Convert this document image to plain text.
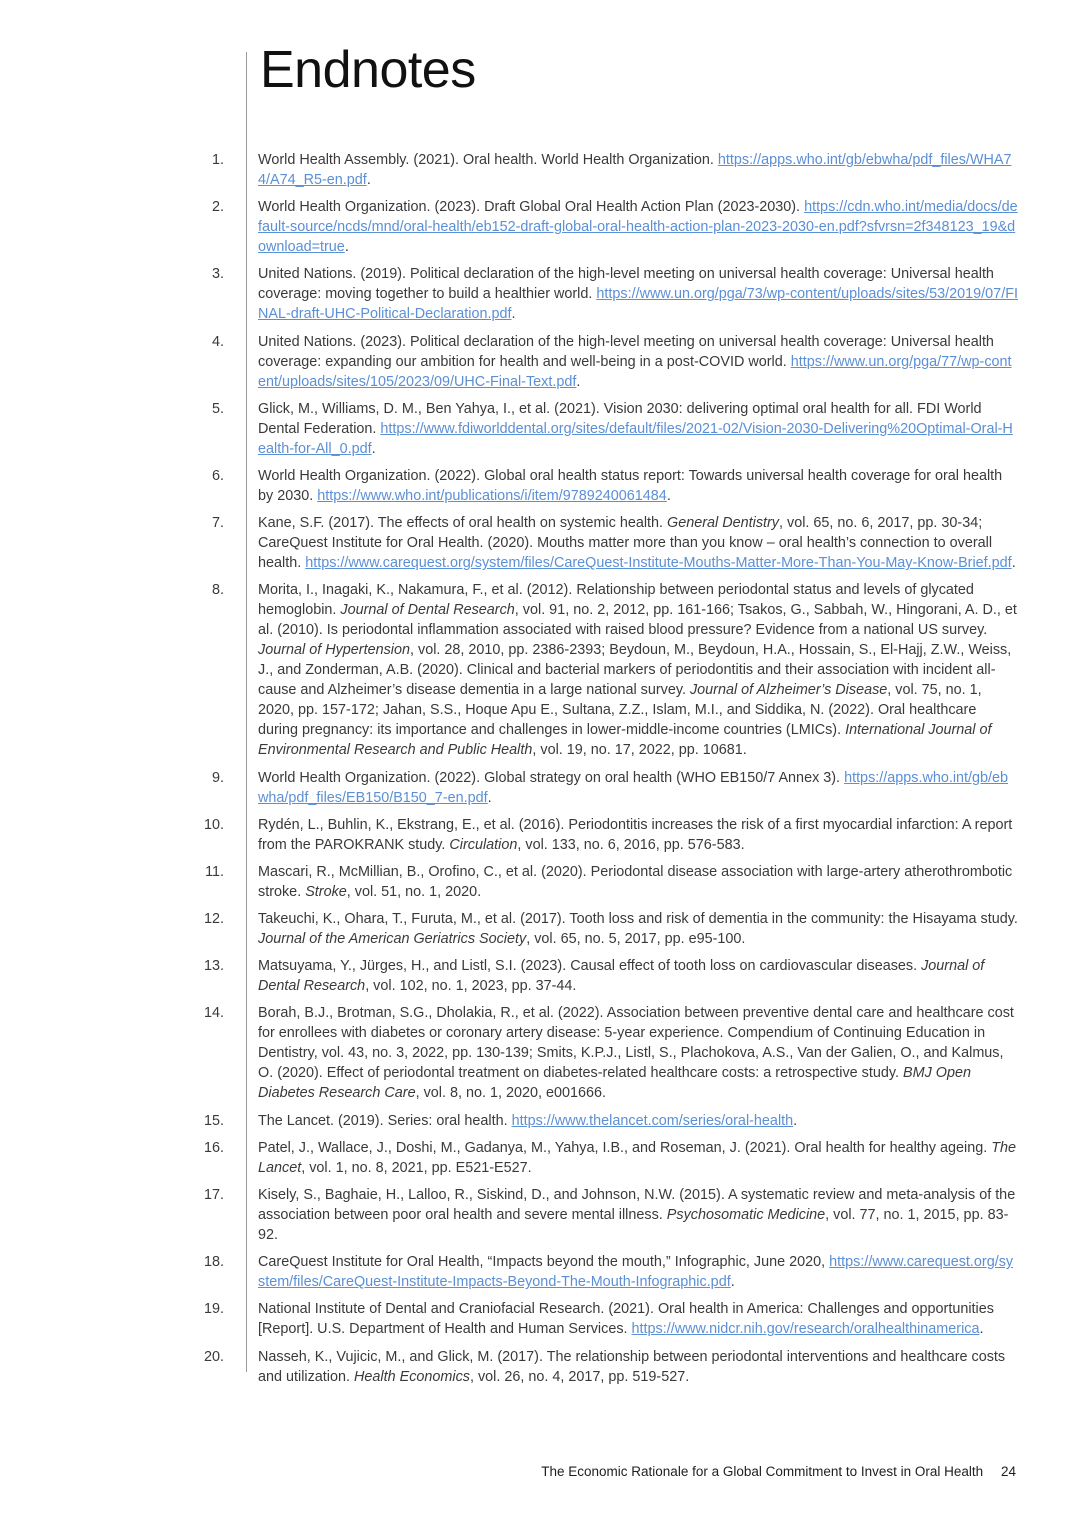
Endnotes
1. World Health Assembly. (2021). Oral health. World Health Organization. https://apps.who.int/gb/ebwha/pdf_files/WHA74/A74_R5-en.pdf.
2. World Health Organization. (2023). Draft Global Oral Health Action Plan (2023-2030). https://cdn.who.int/media/docs/default-source/ncds/mnd/oral-health/eb152-draft-global-oral-health-action-plan-2023-2030-en.pdf?sfvrsn=2f348123_19&download=true.
3. United Nations. (2019). Political declaration of the high-level meeting on universal health coverage: Universal health coverage: moving together to build a healthier world. https://www.un.org/pga/73/wp-content/uploads/sites/53/2019/07/FINAL-draft-UHC-Political-Declaration.pdf.
4. United Nations. (2023). Political declaration of the high-level meeting on universal health coverage: Universal health coverage: expanding our ambition for health and well-being in a post-COVID world. https://www.un.org/pga/77/wp-content/uploads/sites/105/2023/09/UHC-Final-Text.pdf.
5. Glick, M., Williams, D. M., Ben Yahya, I., et al. (2021). Vision 2030: delivering optimal oral health for all. FDI World Dental Federation. https://www.fdiworlddental.org/sites/default/files/2021-02/Vision-2030-Delivering%20Optimal-Oral-Health-for-All_0.pdf.
6. World Health Organization. (2022). Global oral health status report: Towards universal health coverage for oral health by 2030. https://www.who.int/publications/i/item/9789240061484.
7. Kane, S.F. (2017). The effects of oral health on systemic health. General Dentistry, vol. 65, no. 6, 2017, pp. 30-34; CareQuest Institute for Oral Health. (2020). Mouths matter more than you know – oral health’s connection to overall health. https://www.carequest.org/system/files/CareQuest-Institute-Mouths-Matter-More-Than-You-May-Know-Brief.pdf.
8. Morita, I., Inagaki, K., Nakamura, F., et al. (2012). Relationship between periodontal status and levels of glycated hemoglobin. Journal of Dental Research, vol. 91, no. 2, 2012, pp. 161-166; Tsakos, G., Sabbah, W., Hingorani, A. D., et al. (2010). Is periodontal inflammation associated with raised blood pressure? Evidence from a national US survey. Journal of Hypertension, vol. 28, 2010, pp. 2386-2393; Beydoun, M., Beydoun, H.A., Hossain, S., El-Hajj, Z.W., Weiss, J., and Zonderman, A.B. (2020). Clinical and bacterial markers of periodontitis and their association with incident all-cause and Alzheimer’s disease dementia in a large national survey. Journal of Alzheimer’s Disease, vol. 75, no. 1, 2020, pp. 157-172; Jahan, S.S., Hoque Apu E., Sultana, Z.Z., Islam, M.I., and Siddika, N. (2022). Oral healthcare during pregnancy: its importance and challenges in lower-middle-income countries (LMICs). International Journal of Environmental Research and Public Health, vol. 19, no. 17, 2022, pp. 10681.
9. World Health Organization. (2022). Global strategy on oral health (WHO EB150/7 Annex 3). https://apps.who.int/gb/ebwha/pdf_files/EB150/B150_7-en.pdf.
10. Rydén, L., Buhlin, K., Ekstrang, E., et al. (2016). Periodontitis increases the risk of a first myocardial infarction: A report from the PAROKRANK study. Circulation, vol. 133, no. 6, 2016, pp. 576-583.
11. Mascari, R., McMillian, B., Orofino, C., et al. (2020). Periodontal disease association with large-artery atherothrombotic stroke. Stroke, vol. 51, no. 1, 2020.
12. Takeuchi, K., Ohara, T., Furuta, M., et al. (2017). Tooth loss and risk of dementia in the community: the Hisayama study. Journal of the American Geriatrics Society, vol. 65, no. 5, 2017, pp. e95-100.
13. Matsuyama, Y., Jürges, H., and Listl, S.I. (2023). Causal effect of tooth loss on cardiovascular diseases. Journal of Dental Research, vol. 102, no. 1, 2023, pp. 37-44.
14. Borah, B.J., Brotman, S.G., Dholakia, R., et al. (2022). Association between preventive dental care and healthcare cost for enrollees with diabetes or coronary artery disease: 5-year experience. Compendium of Continuing Education in Dentistry, vol. 43, no. 3, 2022, pp. 130-139; Smits, K.P.J., Listl, S., Plachokova, A.S., Van der Galien, O., and Kalmus, O. (2020). Effect of periodontal treatment on diabetes-related healthcare costs: a retrospective study. BMJ Open Diabetes Research Care, vol. 8, no. 1, 2020, e001666.
15. The Lancet. (2019). Series: oral health. https://www.thelancet.com/series/oral-health.
16. Patel, J., Wallace, J., Doshi, M., Gadanya, M., Yahya, I.B., and Roseman, J. (2021). Oral health for healthy ageing. The Lancet, vol. 1, no. 8, 2021, pp. E521-E527.
17. Kisely, S., Baghaie, H., Lalloo, R., Siskind, D., and Johnson, N.W. (2015). A systematic review and meta-analysis of the association between poor oral health and severe mental illness. Psychosomatic Medicine, vol. 77, no. 1, 2015, pp. 83-92.
18. CareQuest Institute for Oral Health, “Impacts beyond the mouth,” Infographic, June 2020, https://www.carequest.org/system/files/CareQuest-Institute-Impacts-Beyond-The-Mouth-Infographic.pdf.
19. National Institute of Dental and Craniofacial Research. (2021). Oral health in America: Challenges and opportunities [Report]. U.S. Department of Health and Human Services. https://www.nidcr.nih.gov/research/oralhealthinamerica.
20. Nasseh, K., Vujicic, M., and Glick, M. (2017). The relationship between periodontal interventions and healthcare costs and utilization. Health Economics, vol. 26, no. 4, 2017, pp. 519-527.
The Economic Rationale for a Global Commitment to Invest in Oral Health 24
